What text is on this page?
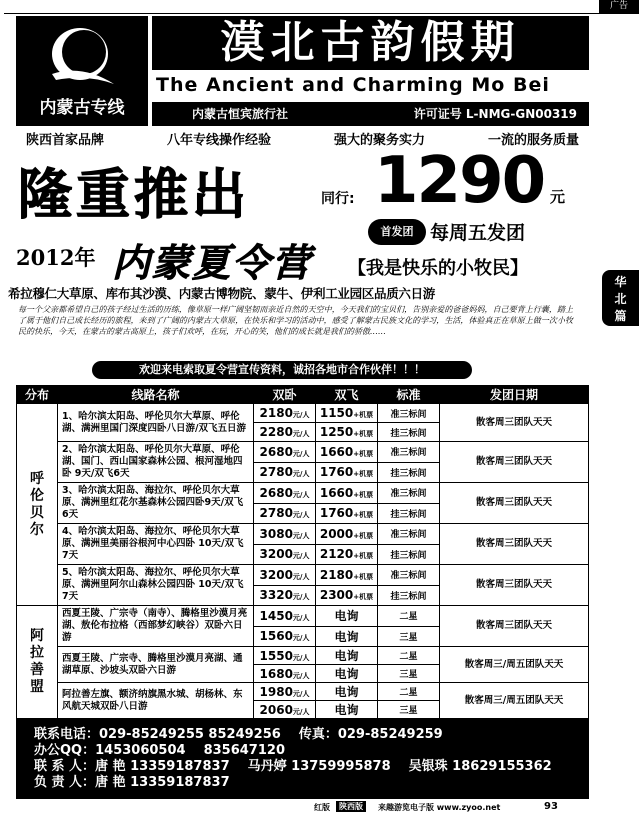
广告
内蒙古专线
漠北古韵假期
The Ancient and Charming Mo Bei
内蒙古恒宾旅行社	许可证号 L-NMG-GN00319
陕西首家品牌	八年专线操作经验	强大的聚务实力	一流的服务质量
隆重推出	同行: 1290 元
首发团 每周五发团
2012年 内蒙夏令营 【我是快乐的小牧民】
华
北
篇
希拉穆仁大草原、库布其沙漠、内蒙古博物院、蒙牛、伊利工业园区品质六日游
每一个父亲都希望自己的孩子经过生活的历练，像草原一样广阔坚韧而亲近自然的天空中，今天我们的宝贝们，告别亲爱的爸爸妈妈，自己要背上行囊，踏上了属于他们自己成长经历的旅程，来到了广阔的内蒙古大草原，在快乐和学习的活动中，感受了解蒙古民族文化的学习，生活，体验真正在草原上做一次小牧民的快乐，今天，在蒙古的蒙古高原上，孩子们欢呼，在玩，开心的笑，他们的成长就是我们的骄傲……
欢迎来电索取夏令营宣传资料，诚招各地市合作伙伴！！！
分布	线路名称	双卧	双飞	标准	发团日期

呼
伦
贝
尔	1、哈尔滨太阳岛、呼伦贝尔大草原、呼伦湖、满洲里国门深度四卧八日游/双飞五日游	2180元/人	1150+机票	准三标间	散客周三团队天天
		2280元/人	1250+机票	挂三标间	
	2、哈尔滨太阳岛、呼伦贝尔大草原、呼伦湖、国门、西山国家森林公园、根河湿地四卧 9天/双飞6天	2680元/人	1660+机票	准三标间	散客周三团队天天
		2780元/人	1760+机票	挂三标间	
	3、哈尔滨太阳岛、海拉尔、呼伦贝尔大草原、满洲里红花尔基森林公园四卧9天/双飞6天	2680元/人	1660+机票	准三标间	散客周三团队天天
		2780元/人	1760+机票	挂三标间	
	4、哈尔滨太阳岛、海拉尔、呼伦贝尔大草原、满洲里美丽谷根河中心四卧 10天/双飞7天	3080元/人	2000+机票	准三标间	散客周三团队天天
		3200元/人	2120+机票	挂三标间	
	5、哈尔滨太阳岛、海拉尔、呼伦贝尔大草原、满洲里阿尔山森林公园四卧 10天/双飞7天	3200元/人	2180+机票	准三标间	散客周三团队天天
		3320元/人	2300+机票	挂三标间	

阿
拉
善
盟	西夏王陵、广宗寺（南寺）、腾格里沙漠月亮湖、敖伦布拉格（西部梦幻峡谷）双卧六日游	1450元/人	电询	二星	散客周三团队天天
		1560元/人	电询	三星	
	西夏王陵、广宗寺、腾格里沙漠月亮湖、通湖草原、沙坡头双卧六日游	1550元/人	电询	二星	散客周三/周五团队天天
		1680元/人	电询	三星	
	阿拉善左旗、额济纳旗黑水城、胡杨林、东风航天城双卧八日游	1980元/人	电询	二星	散客周三/周五团队天天
		2060元/人	电询	三星	
联系电话：029-85249255 85249256 传真：029-85249259
办公QQ：1453060504 835647120
联 系 人：唐 艳 13359187837 马丹婷 13759995878 吴银珠 18629155362
负 责 人：唐 艳 13359187837
红版	陕西版	来趣游览电子版 www.zyoo.net	93
